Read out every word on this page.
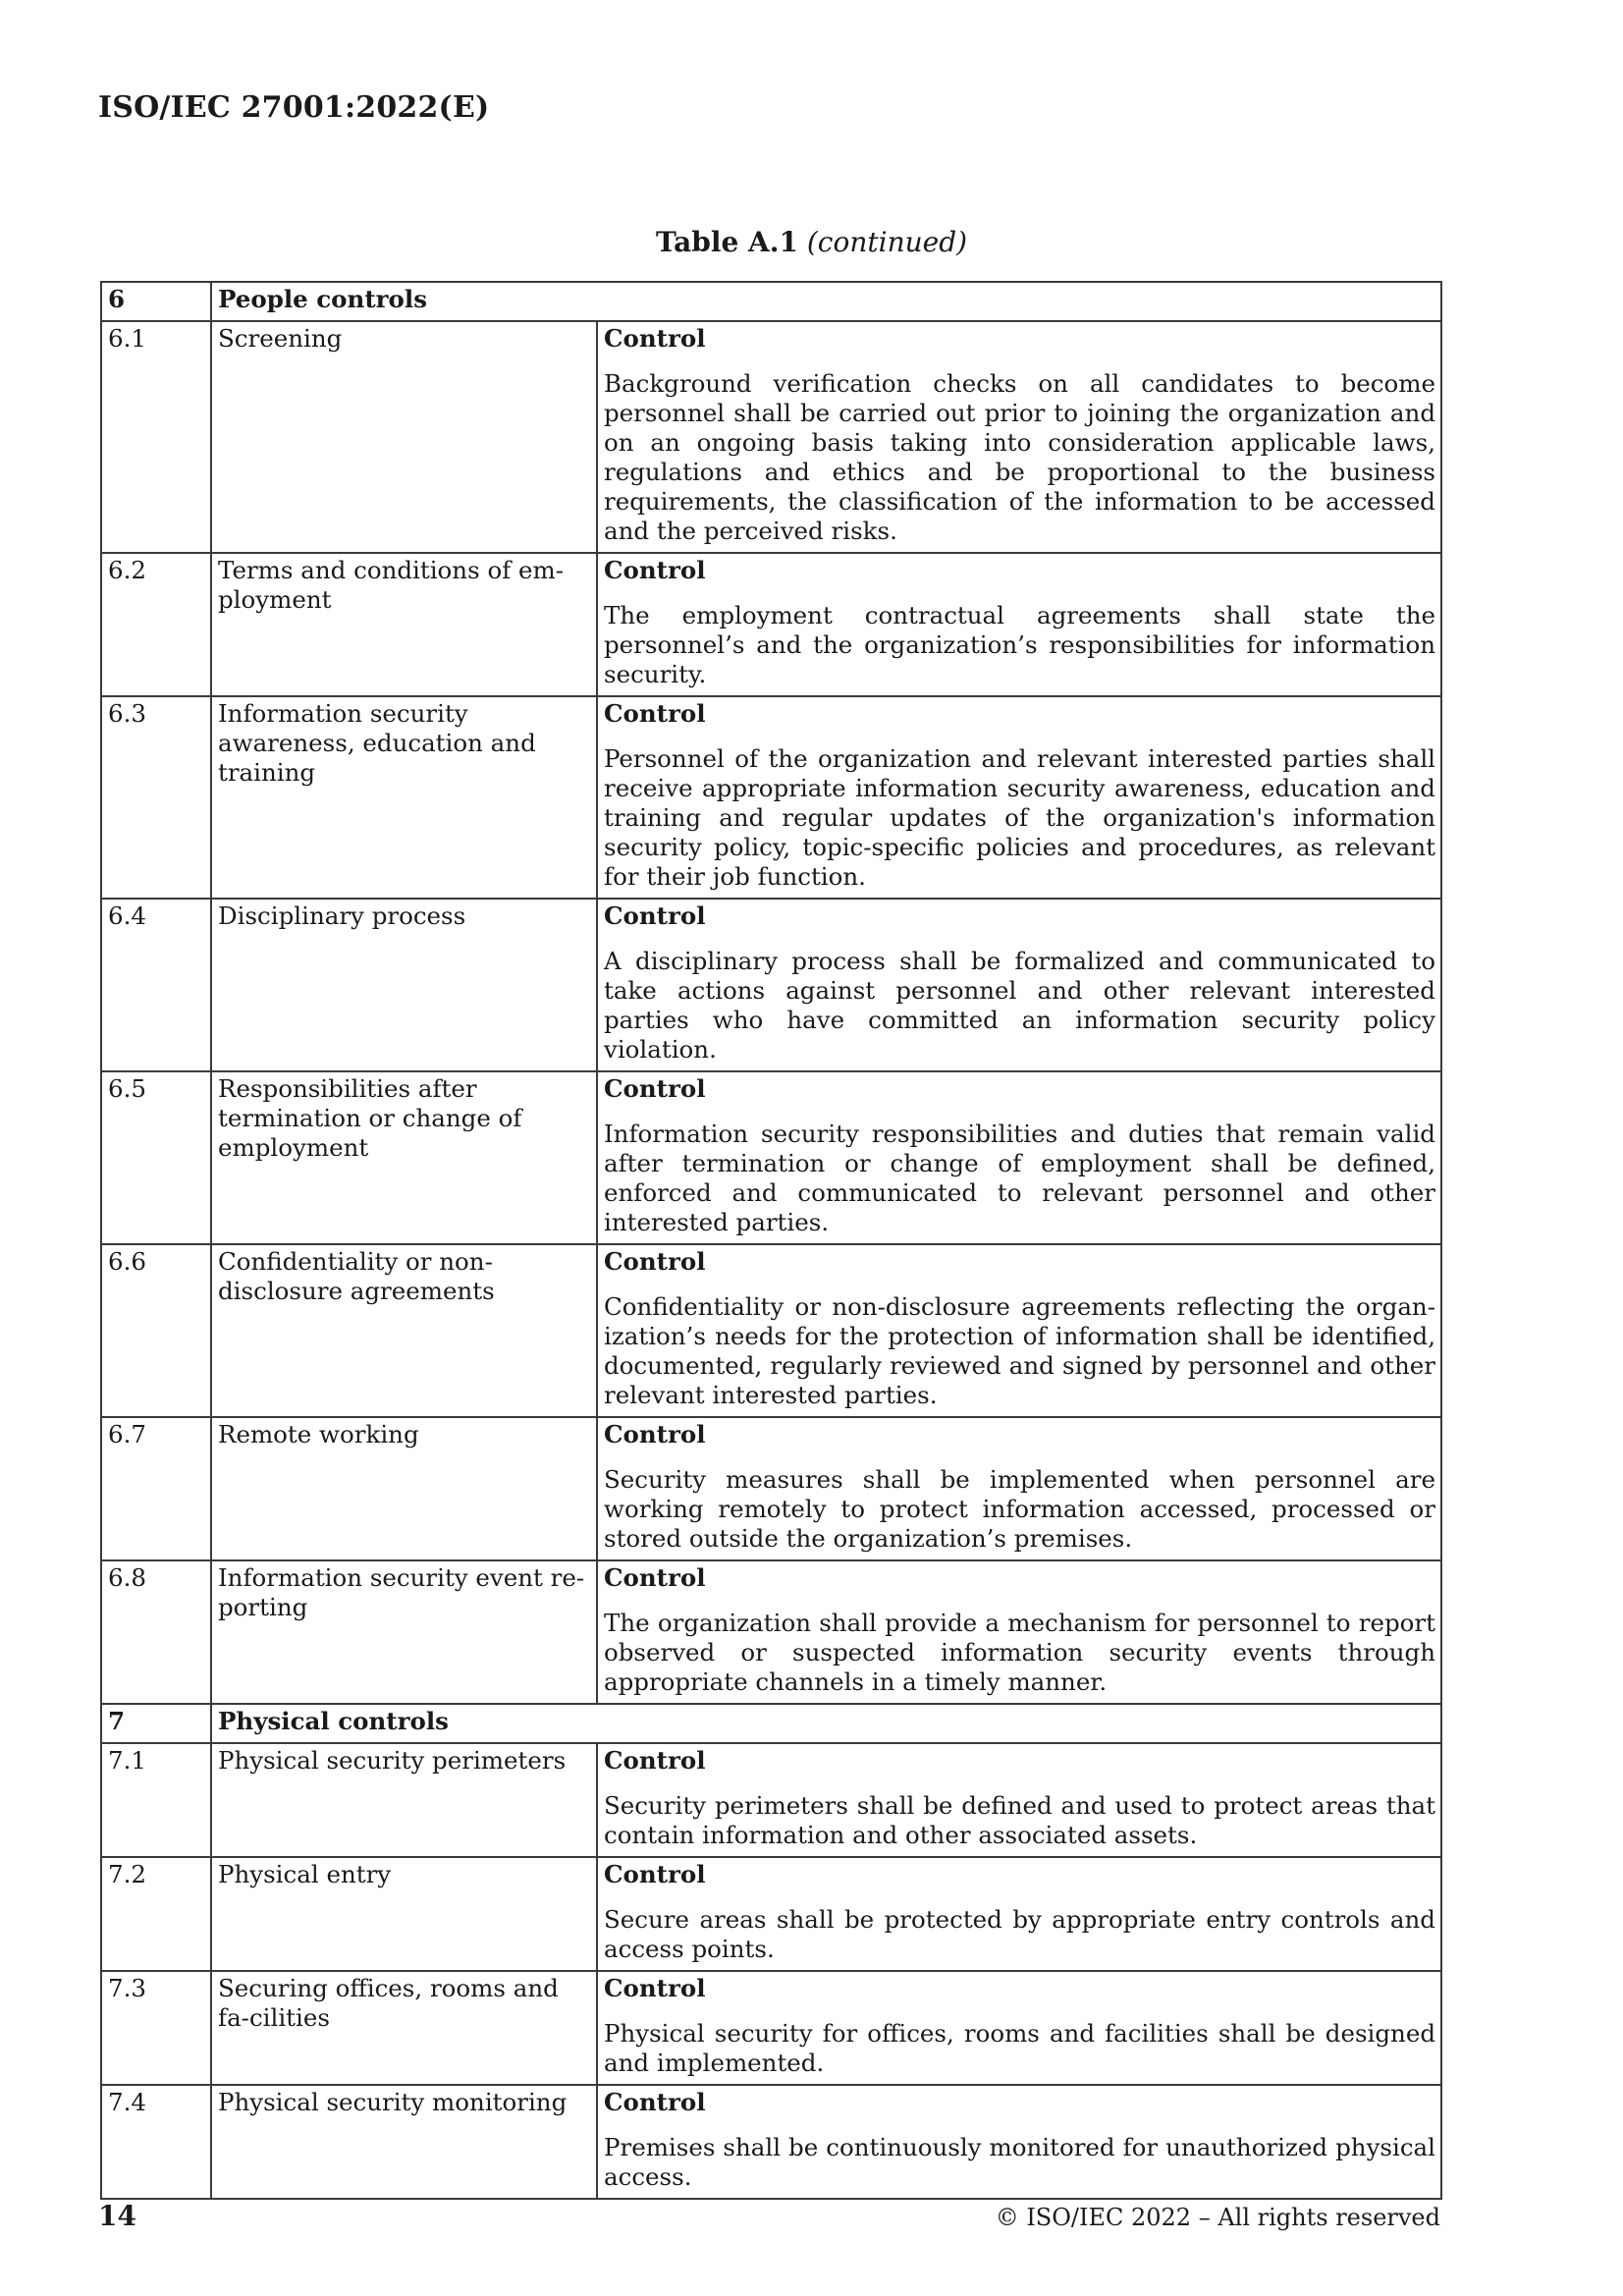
ISO/IEC 27001:2022(E)
Table A.1 (continued)
6	People controls	
6.1	Screening	Control
Background verification checks on all candidates to become personnel shall be carried out prior to joining the organization and on an ongoing basis taking into consideration applicable laws, regulations and ethics and be proportional to the business requirements, the classification of the information to be accessed and the perceived risks.

6.2	Terms and conditions of em-ployment	Control
The employment contractual agreements shall state the personnel’s and the organization’s responsibilities for information security.

6.3	Information security awareness, education and training	Control
Personnel of the organization and relevant interested parties shall receive appropriate information security awareness, education and training and regular updates of the organization's information security policy, topic-specific policies and procedures, as relevant for their job function.

6.4	Disciplinary process	Control
A disciplinary process shall be formalized and communicated to take actions against personnel and other relevant interested parties who have committed an information security policy violation.

6.5	Responsibilities after termination or change of employment	Control
Information security responsibilities and duties that remain valid after termination or change of employment shall be defined, enforced and communicated to relevant personnel and other interested parties.

6.6	Confidentiality or non-disclosure agreements	Control
Confidentiality or non-disclosure agreements reflecting the organ-ization’s needs for the protection of information shall be identified, documented, regularly reviewed and signed by personnel and other relevant interested parties.

6.7	Remote working	Control
Security measures shall be implemented when personnel are working remotely to protect information accessed, processed or stored outside the organization’s premises.

6.8	Information security event re-porting	Control
The organization shall provide a mechanism for personnel to report observed or suspected information security events through appropriate channels in a timely manner.

7	Physical controls	
7.1	Physical security perimeters	Control
Security perimeters shall be defined and used to protect areas that contain information and other associated assets.

7.2	Physical entry	Control
Secure areas shall be protected by appropriate entry controls and access points.

7.3	Securing offices, rooms and fa-cilities	Control
Physical security for offices, rooms and facilities shall be designed and implemented.

7.4	Physical security monitoring	Control
Premises shall be continuously monitored for unauthorized physical access.
14	© ISO/IEC 2022 – All rights reserved
